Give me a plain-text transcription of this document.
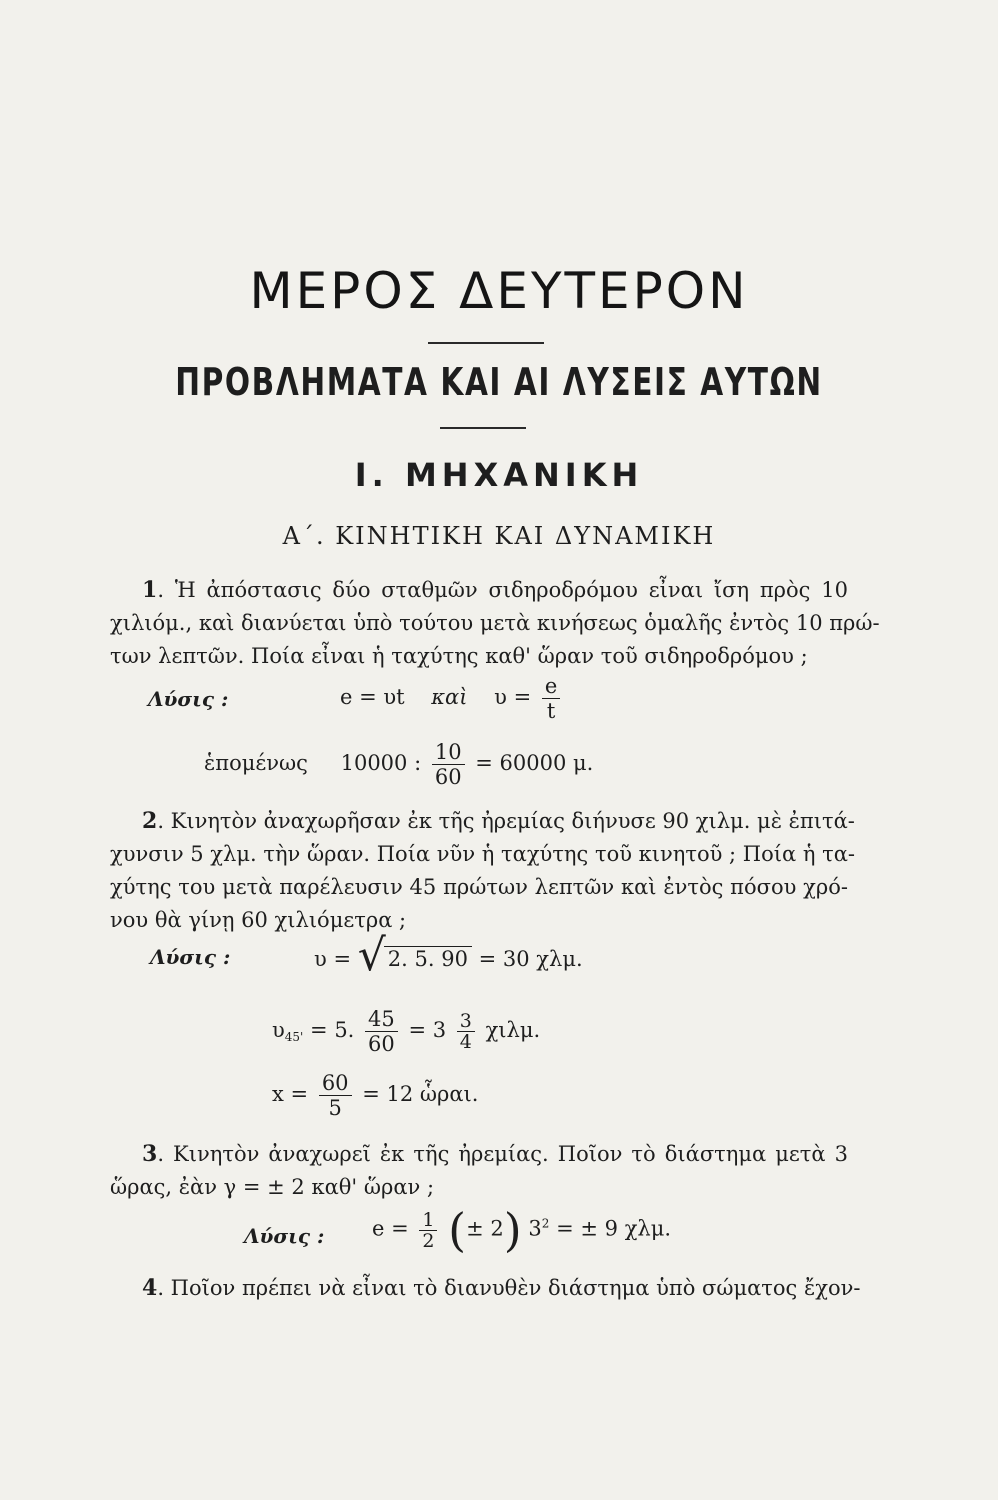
ΜΕΡΟΣ ΔΕΥΤΕΡΟΝ
ΠΡΟΒΛΗΜΑΤΑ ΚΑΙ ΑΙ ΛΥΣΕΙΣ ΑΥΤΩΝ
Ι. ΜΗΧΑΝΙΚΗ
Α΄. ΚΙΝΗΤΙΚΗ ΚΑΙ ΔΥΝΑΜΙΚΗ
1. Ἡ ἀπόστασις δύο σταθμῶν σιδηροδρόμου εἶναι ἴση πρὸς 10
χιλιόμ., καὶ διανύεται ὑπὸ τούτου μετὰ κινήσεως ὁμαλῆς ἐντὸς 10 πρώ-
των λεπτῶν. Ποία εἶναι ἡ ταχύτης καθ' ὥραν τοῦ σιδηροδρόμου ;
Λύσις :	e = υt καὶ $\upsilon = \frac{e}{t}$
ἑπομένως 10000 : $\frac{10}{60} = 60000$ μ.
2. Κινητὸν ἀναχωρῆσαν ἐκ τῆς ἠρεμίας διήνυσε 90 χιλμ. μὲ ἐπιτά-
χυνσιν 5 χλμ. τὴν ὥραν. Ποία νῦν ἡ ταχύτης τοῦ κινητοῦ ; Ποία ἡ τα-
χύτης του μετὰ παρέλευσιν 45 πρώτων λεπτῶν καὶ ἐντὸς πόσου χρό-
νου θὰ γίνῃ 60 χιλιόμετρα ;
Λύσις :	υ = √2. 5. 90 = 30 χλμ.
$\upsilon_{45'} = 5$. $\frac{45}{60} = 3 \frac{3}{4} \chi\iota\lambda\mu$.
$x = \frac{60}{5} = 12$ ὧραι.
3. Κινητὸν ἀναχωρεῖ ἐκ τῆς ἠρεμίας. Ποῖον τὸ διάστημα μετὰ 3
ὥρας, ἐὰν γ = ± 2 καθ' ὥραν ;
Λύσις : $e = \frac{1}{2}$ (± 2) $3^2$ = ± 9 χλμ.
4. Ποῖον πρέπει νὰ εἶναι τὸ διανυθὲν διάστημα ὑπὸ σώματος ἔχον-
